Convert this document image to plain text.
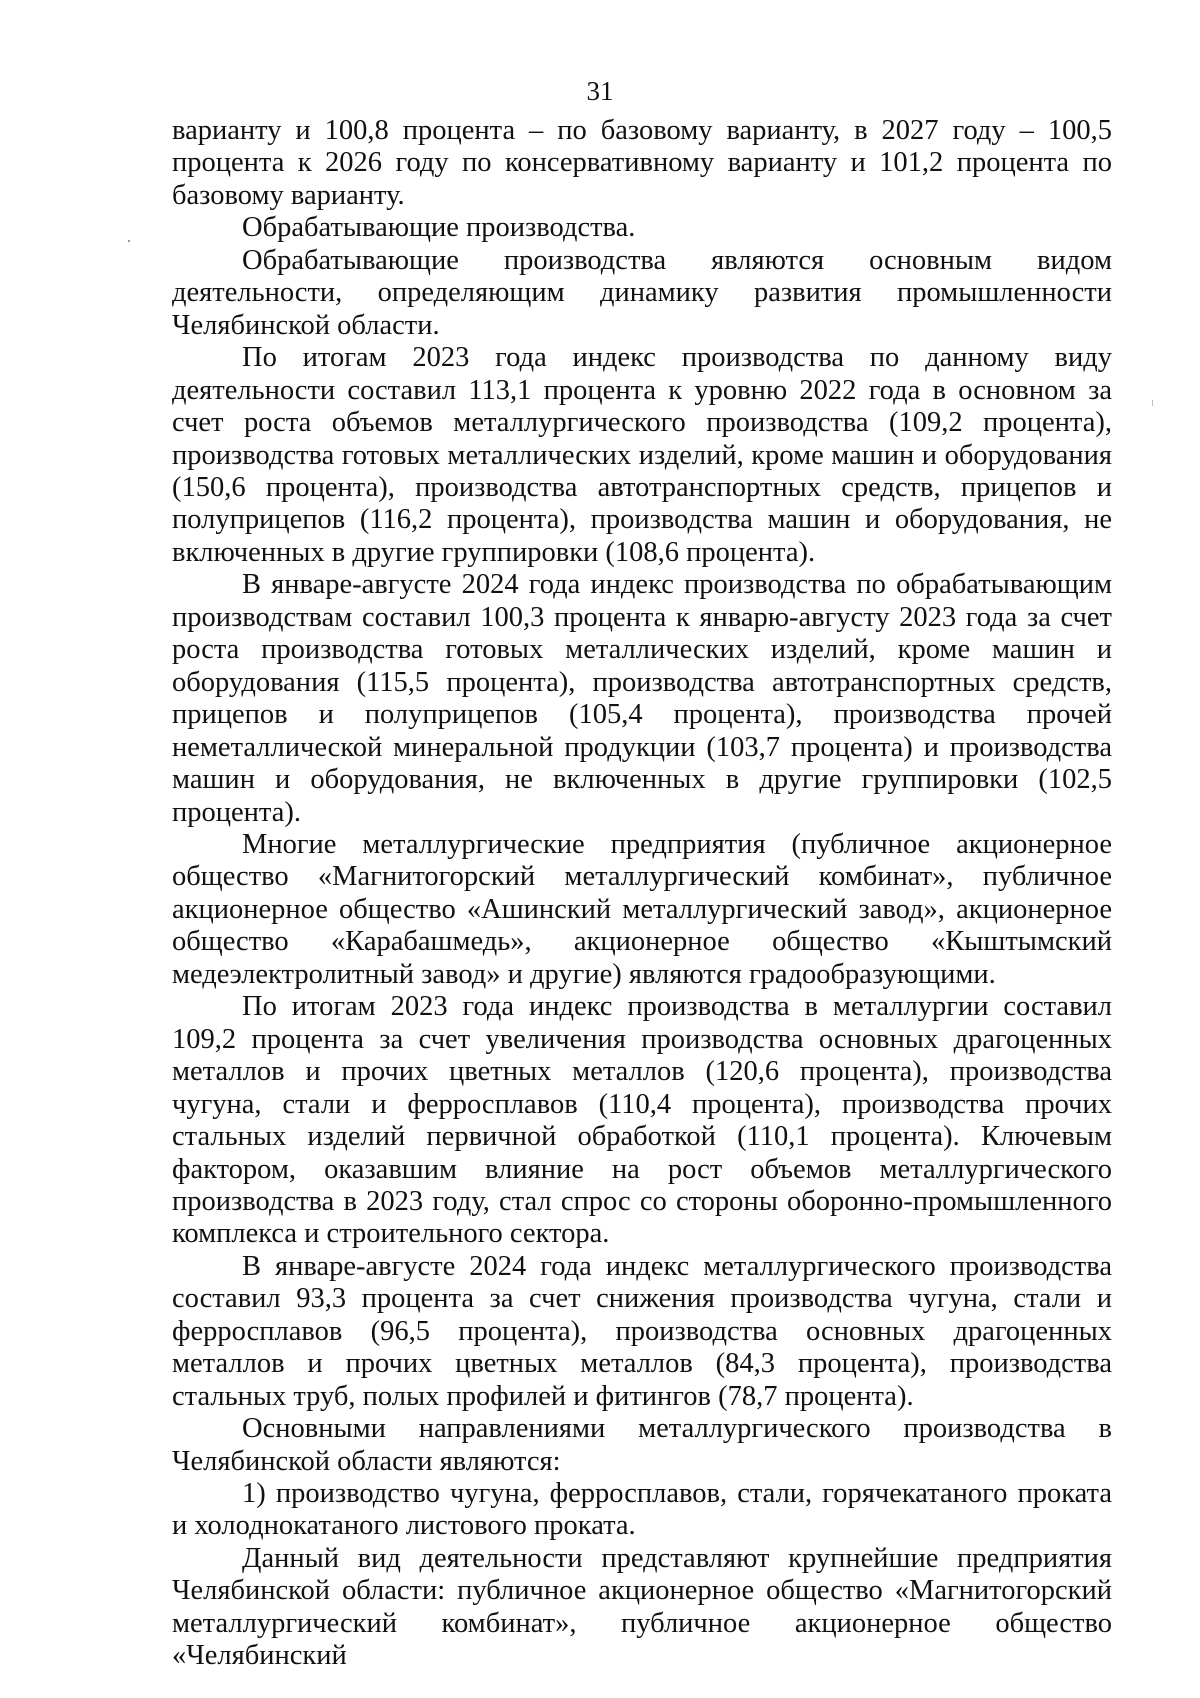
31

варианту и 100,8 процента – по базовому варианту, в 2027 году – 100,5 процента к 2026 году по консервативному варианту и 101,2 процента по базовому варианту.

Обрабатывающие производства.

Обрабатывающие производства являются основным видом деятельности, определяющим динамику развития промышленности Челябинской области.

По итогам 2023 года индекс производства по данному виду деятельности составил 113,1 процента к уровню 2022 года в основном за счет роста объемов металлургического производства (109,2 процента), производства готовых металлических изделий, кроме машин и оборудования (150,6 процента), производства автотранспортных средств, прицепов и полуприцепов (116,2 процента), производства машин и оборудования, не включенных в другие группировки (108,6 процента).

В январе-августе 2024 года индекс производства по обрабатывающим производствам составил 100,3 процента к январю-августу 2023 года за счет роста производства готовых металлических изделий, кроме машин и оборудования (115,5 процента), производства автотранспортных средств, прицепов и полуприцепов (105,4 процента), производства прочей неметаллической минеральной продукции (103,7 процента) и производства машин и оборудования, не включенных в другие группировки (102,5 процента).

Многие металлургические предприятия (публичное акционерное общество «Магнитогорский металлургический комбинат», публичное акционерное общество «Ашинский металлургический завод», акционерное общество «Карабашмедь», акционерное общество «Кыштымский медеэлектролитный завод» и другие) являются градообразующими.

По итогам 2023 года индекс производства в металлургии составил 109,2 процента за счет увеличения производства основных драгоценных металлов и прочих цветных металлов (120,6 процента), производства чугуна, стали и ферросплавов (110,4 процента), производства прочих стальных изделий первичной обработкой (110,1 процента). Ключевым фактором, оказавшим влияние на рост объемов металлургического производства в 2023 году, стал спрос со стороны оборонно-промышленного комплекса и строительного сектора.

В январе-августе 2024 года индекс металлургического производства составил 93,3 процента за счет снижения производства чугуна, стали и ферросплавов (96,5 процента), производства основных драгоценных металлов и прочих цветных металлов (84,3 процента), производства стальных труб, полых профилей и фитингов (78,7 процента).

Основными направлениями металлургического производства в Челябинской области являются:

1) производство чугуна, ферросплавов, стали, горячекатаного проката и холоднокатаного листового проката.

Данный вид деятельности представляют крупнейшие предприятия Челябинской области: публичное акционерное общество «Магнитогорский металлургический комбинат», публичное акционерное общество «Челябинский
